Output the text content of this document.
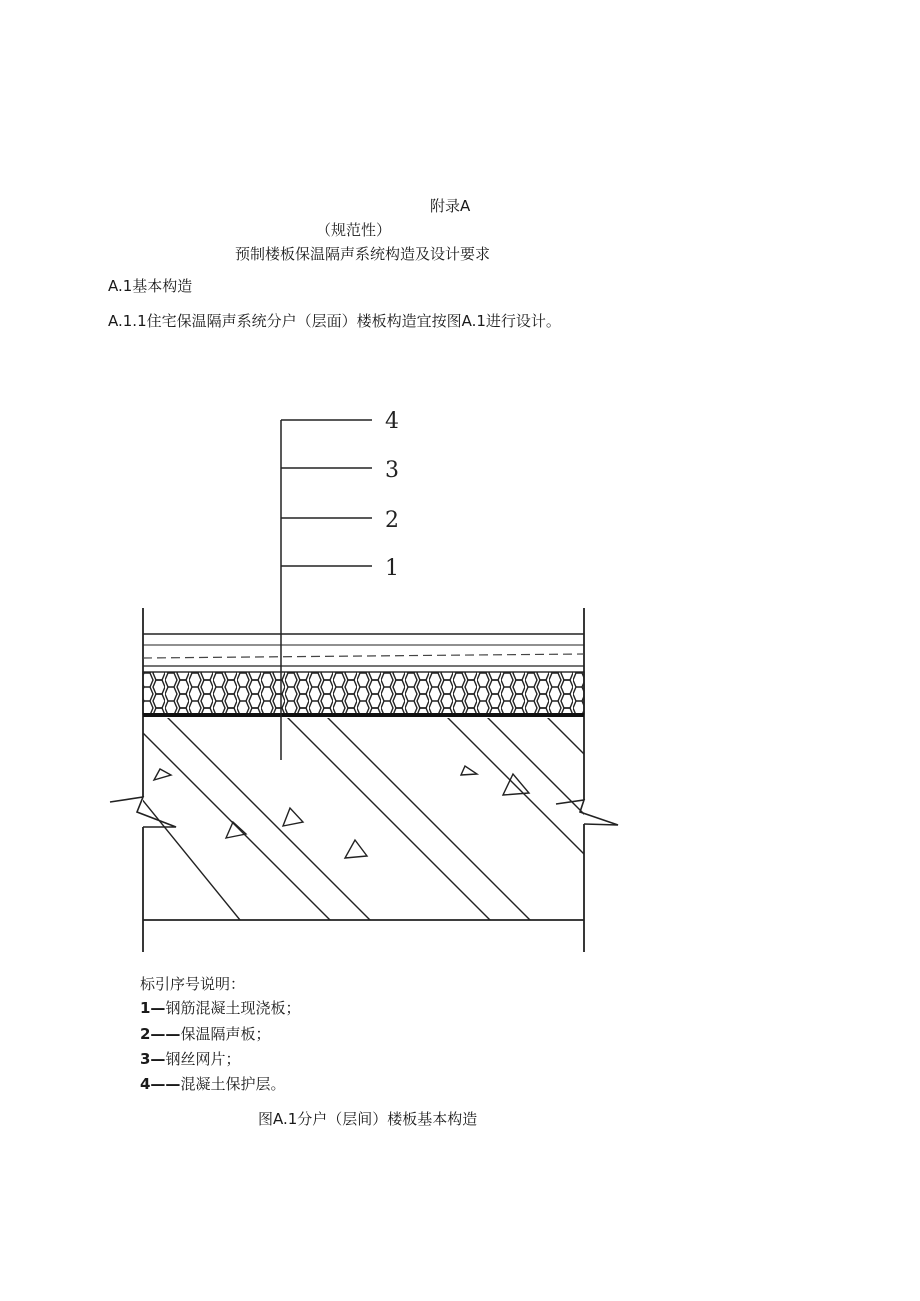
附录A
（规范性）
预制楼板保温隔声系统构造及设计要求
A.1基本构造
A.1.1住宅保温隔声系统分户（层面）楼板构造宜按图A.1进行设计。
4
3
2
1
标引序号说明：
1—钢筋混凝土现浇板；
2——保温隔声板；
3—钢丝网片；
4——混凝土保护层。
图A.1分户（层间）楼板基本构造
